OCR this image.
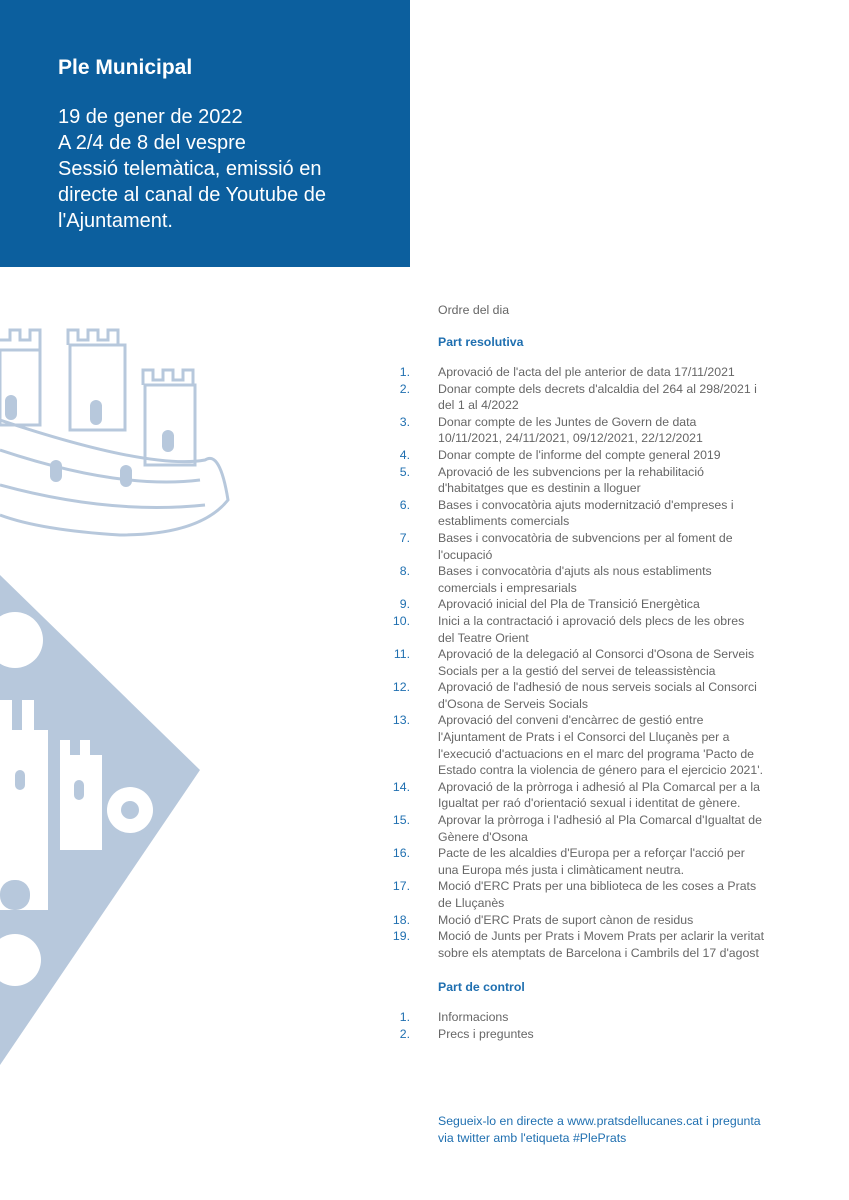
Ple Municipal

19 de gener de 2022

A 2/4 de 8 del vespre

Sessió telemàtica, emissió en

directe al canal de Youtube de

l'Ajuntament.

Ordre del dia
Part resolutiva
1. Aprovació de l'acta del ple anterior de data 17/11/2021
2. Donar compte dels decrets d'alcaldia del 264 al 298/2021 i
del 1 al 4/2022
3. Donar compte de les Juntes de Govern de data
10/11/2021, 24/11/2021, 09/12/2021, 22/12/2021
4. Donar compte de l'informe del compte general 2019
5. Aprovació de les subvencions per la rehabilitació
d'habitatges que es destinin a lloguer
6. Bases i convocatòria ajuts modernització d'empreses i
establiments comercials
7. Bases i convocatòria de subvencions per al foment de
l'ocupació
8. Bases i convocatòria d'ajuts als nous establiments
comercials i empresarials
9. Aprovació inicial del Pla de Transició Energètica
10. Inici a la contractació i aprovació dels plecs de les obres
del Teatre Orient
11. Aprovació de la delegació al Consorci d'Osona de Serveis
Socials per a la gestió del servei de teleassistència
12. Aprovació de l'adhesió de nous serveis socials al Consorci
d'Osona de Serveis Socials
13. Aprovació del conveni d'encàrrec de gestió entre
l'Ajuntament de Prats i el Consorci del Lluçanès per a
l'execució d'actuacions en el marc del programa 'Pacto de
Estado contra la violencia de género para el ejercicio 2021'.
14. Aprovació de la pròrroga i adhesió al Pla Comarcal per a la
Igualtat per raó d'orientació sexual i identitat de gènere.
15. Aprovar la pròrroga i l'adhesió al Pla Comarcal d'Igualtat de
Gènere d'Osona
16. Pacte de les alcaldies d'Europa per a reforçar l'acció per
una Europa més justa i climàticament neutra.
17. Moció d'ERC Prats per una biblioteca de les coses a Prats
de Lluçanès
18. Moció d'ERC Prats de suport cànon de residus
19. Moció de Junts per Prats i Movem Prats per aclarir la veritat
sobre els atemptats de Barcelona i Cambrils del 17 d'agost
Part de control
1. Informacions
2. Precs i preguntes
Segueix-lo en directe a www.pratsdellucanes.cat i pregunta
via twitter amb l'etiqueta #PlePrats
